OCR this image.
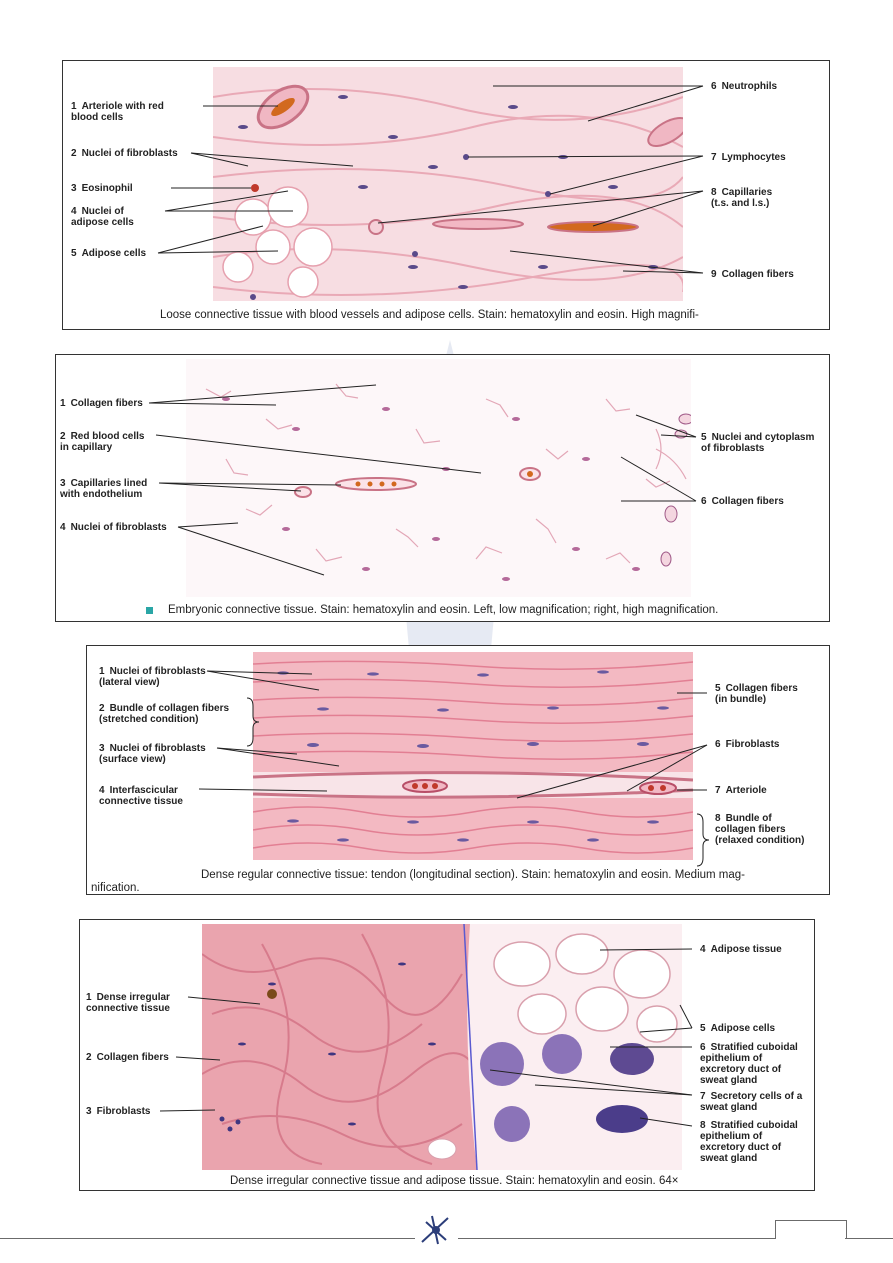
1 Arteriole with red
blood cells
2 Nuclei of fibroblasts
3 Eosinophil
4 Nuclei of
adipose cells
5 Adipose cells
6 Neutrophils
7 Lymphocytes
8 Capillaries
(t.s. and l.s.)
9 Collagen fibers
Loose connective tissue with blood vessels and adipose cells. Stain: hematoxylin and eosin. High magnifi-
1 Collagen fibers
2 Red blood cells
in capillary
3 Capillaries lined
with endothelium
4 Nuclei of fibroblasts
5 Nuclei and cytoplasm
of fibroblasts
6 Collagen fibers
Embryonic connective tissue. Stain: hematoxylin and eosin. Left, low magnification; right, high magnification.
1 Nuclei of fibroblasts
(lateral view)
2 Bundle of collagen fibers
(stretched condition)
3 Nuclei of fibroblasts
(surface view)
4 Interfascicular
connective tissue
5 Collagen fibers
(in bundle)
6 Fibroblasts
7 Arteriole
8 Bundle of
collagen fibers
(relaxed condition)
Dense regular connective tissue: tendon (longitudinal section). Stain: hematoxylin and eosin. Medium mag-
nification.
1 Dense irregular
connective tissue
2 Collagen fibers
3 Fibroblasts
4 Adipose tissue
5 Adipose cells
6 Stratified cuboidal
epithelium of
excretory duct of
sweat gland
7 Secretory cells of a
sweat gland
8 Stratified cuboidal
epithelium of
excretory duct of
sweat gland
Dense irregular connective tissue and adipose tissue. Stain: hematoxylin and eosin. 64×
